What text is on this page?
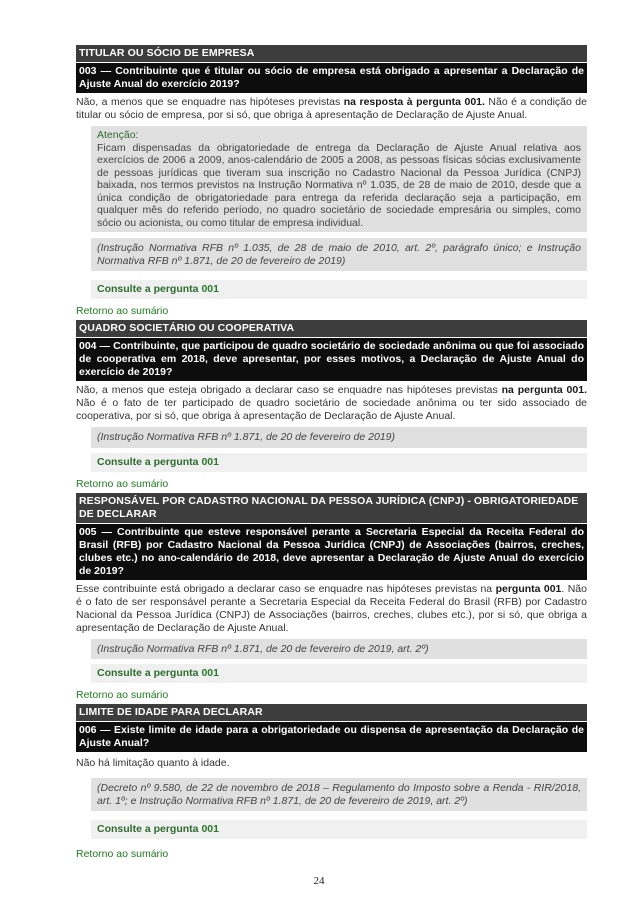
TITULAR OU SÓCIO DE EMPRESA
003 — Contribuinte que é titular ou sócio de empresa está obrigado a apresentar a Declaração de Ajuste Anual do exercício 2019?

Não, a menos que se enquadre nas hipóteses previstas na resposta à pergunta 001. Não é a condição de titular ou sócio de empresa, por si só, que obriga à apresentação de Declaração de Ajuste Anual.

Atenção:
Ficam dispensadas da obrigatoriedade de entrega da Declaração de Ajuste Anual relativa aos exercícios de 2006 a 2009, anos-calendário de 2005 a 2008, as pessoas físicas sócias exclusivamente de pessoas jurídicas que tiveram sua inscrição no Cadastro Nacional da Pessoa Jurídica (CNPJ) baixada, nos termos previstos na Instrução Normativa nº 1.035, de 28 de maio de 2010, desde que a única condição de obrigatoriedade para entrega da referida declaração seja a participação, em qualquer mês do referido período, no quadro societário de sociedade empresária ou simples, como sócio ou acionista, ou como titular de empresa individual.
(Instrução Normativa RFB nº 1.035, de 28 de maio de 2010, art. 2º, parágrafo único; e Instrução Normativa RFB nº 1.871, de 20 de fevereiro de 2019)
Consulte a pergunta 001
Retorno ao sumário
QUADRO SOCIETÁRIO OU COOPERATIVA
004 — Contribuinte, que participou de quadro societário de sociedade anônima ou que foi associado de cooperativa em 2018, deve apresentar, por esses motivos, a Declaração de Ajuste Anual do exercício de 2019?

Não, a menos que esteja obrigado a declarar caso se enquadre nas hipóteses previstas na pergunta 001. Não é o fato de ter participado de quadro societário de sociedade anônima ou ter sido associado de cooperativa, por si só, que obriga à apresentação de Declaração de Ajuste Anual.

(Instrução Normativa RFB nº 1.871, de 20 de fevereiro de 2019)
Consulte a pergunta 001
Retorno ao sumário
RESPONSÁVEL POR CADASTRO NACIONAL DA PESSOA JURÍDICA (CNPJ) - OBRIGATORIEDADE DE DECLARAR
005 — Contribuinte que esteve responsável perante a Secretaria Especial da Receita Federal do Brasil (RFB) por Cadastro Nacional da Pessoa Jurídica (CNPJ) de Associações (bairros, creches, clubes etc.) no ano-calendário de 2018, deve apresentar a Declaração de Ajuste Anual do exercício de 2019?

Esse contribuinte está obrigado a declarar caso se enquadre nas hipóteses previstas na pergunta 001. Não é o fato de ser responsável perante a Secretaria Especial da Receita Federal do Brasil (RFB) por Cadastro Nacional da Pessoa Jurídica (CNPJ) de Associações (bairros, creches, clubes etc.), por si só, que obriga a apresentação de Declaração de Ajuste Anual.

(Instrução Normativa RFB nº 1.871, de 20 de fevereiro de 2019, art. 2º)
Consulte a pergunta 001
Retorno ao sumário
LIMITE DE IDADE PARA DECLARAR
006 — Existe limite de idade para a obrigatoriedade ou dispensa de apresentação da Declaração de Ajuste Anual?

Não há limitação quanto à idade.

(Decreto nº 9.580, de 22 de novembro de 2018 – Regulamento do Imposto sobre a Renda - RIR/2018, art. 1º; e Instrução Normativa RFB nº 1.871, de 20 de fevereiro de 2019, art. 2º)
Consulte a pergunta 001
Retorno ao sumário
24
